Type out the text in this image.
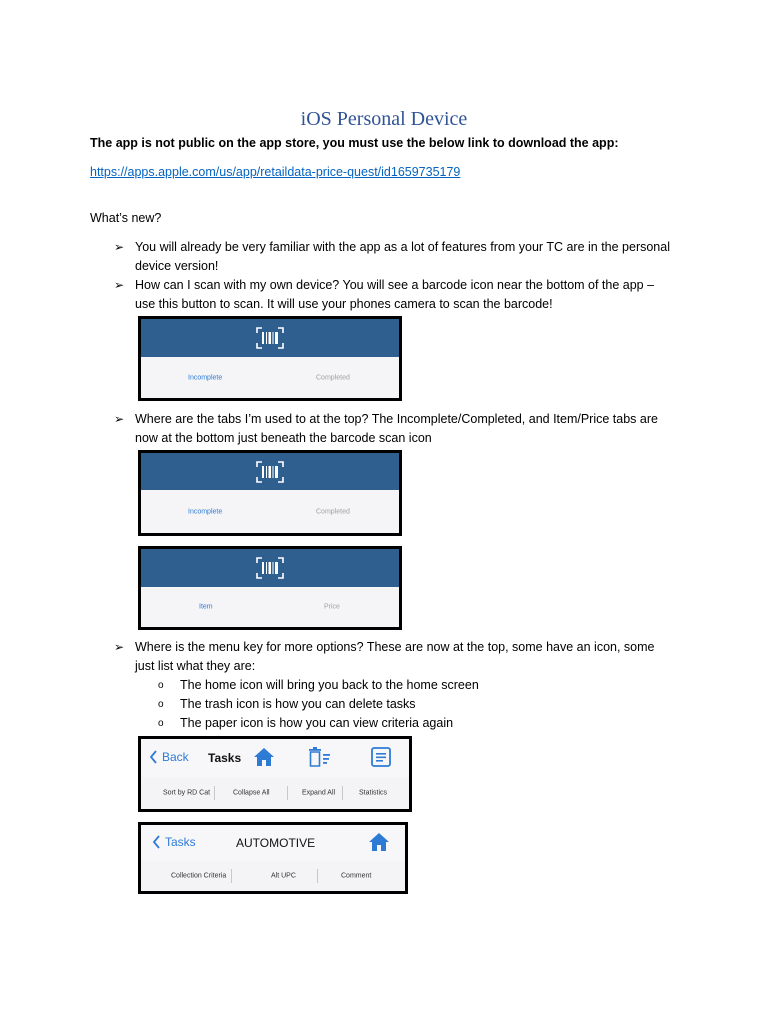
iOS Personal Device
The app is not public on the app store, you must use the below link to download the app:
https://apps.apple.com/us/app/retaildata-price-quest/id1659735179
What’s new?
➢ You will already be very familiar with the app as a lot of features from your TC are in the personal
device version!
➢ How can I scan with my own device? You will see a barcode icon near the bottom of the app –
use this button to scan. It will use your phones camera to scan the barcode!
Incomplete	Completed
➢ Where are the tabs I’m used to at the top? The Incomplete/Completed, and Item/Price tabs are
now at the bottom just beneath the barcode scan icon
Incomplete	Completed
Item	Price
➢ Where is the menu key for more options? These are now at the top, some have an icon, some
just list what they are:
o The home icon will bring you back to the home screen
o The trash icon is how you can delete tasks
o The paper icon is how you can view criteria again
Back Tasks
Sort by RD Cat	Collapse All	Expand All	Statistics
Tasks	AUTOMOTIVE
Collection Criteria	Alt UPC	Comment
